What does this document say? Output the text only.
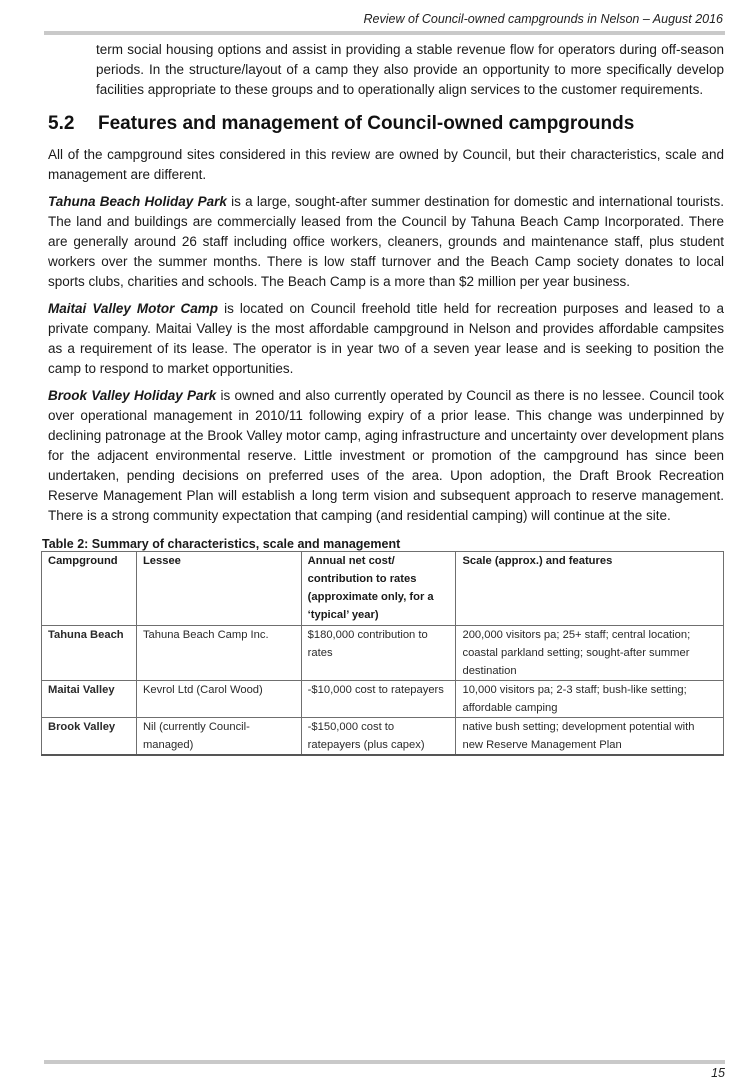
Review of Council-owned campgrounds in Nelson – August 2016

term social housing options and assist in providing a stable revenue flow for operators during off-season periods. In the structure/layout of a camp they also provide an opportunity to more specifically develop facilities appropriate to these groups and to operationally align services to the customer requirements.

5.2 Features and management of Council-owned campgrounds

All of the campground sites considered in this review are owned by Council, but their characteristics, scale and management are different.

Tahuna Beach Holiday Park is a large, sought-after summer destination for domestic and international tourists. The land and buildings are commercially leased from the Council by Tahuna Beach Camp Incorporated. There are generally around 26 staff including office workers, cleaners, grounds and maintenance staff, plus student workers over the summer months. There is low staff turnover and the Beach Camp society donates to local sports clubs, charities and schools. The Beach Camp is a more than $2 million per year business.

Maitai Valley Motor Camp is located on Council freehold title held for recreation purposes and leased to a private company. Maitai Valley is the most affordable campground in Nelson and provides affordable campsites as a requirement of its lease. The operator is in year two of a seven year lease and is seeking to position the camp to respond to market opportunities.

Brook Valley Holiday Park is owned and also currently operated by Council as there is no lessee. Council took over operational management in 2010/11 following expiry of a prior lease. This change was underpinned by declining patronage at the Brook Valley motor camp, aging infrastructure and uncertainty over development plans for the adjacent environmental reserve. Little investment or promotion of the campground has since been undertaken, pending decisions on preferred uses of the area. Upon adoption, the Draft Brook Recreation Reserve Management Plan will establish a long term vision and subsequent approach to reserve management. There is a strong community expectation that camping (and residential camping) will continue at the site.

Table 2: Summary of characteristics, scale and management
Campground	Lessee	Annual net cost/ contribution to rates (approximate only, for a ‘typical’ year)	Scale (approx.) and features
Tahuna Beach	Tahuna Beach Camp Inc.	$180,000 contribution to rates	200,000 visitors pa; 25+ staff; central location; coastal parkland setting; sought-after summer destination
Maitai Valley	Kevrol Ltd (Carol Wood)	-$10,000 cost to ratepayers	10,000 visitors pa; 2-3 staff; bush-like setting; affordable camping
Brook Valley	Nil (currently Council-managed)	-$150,000 cost to ratepayers (plus capex)	native bush setting; development potential with new Reserve Management Plan
15
